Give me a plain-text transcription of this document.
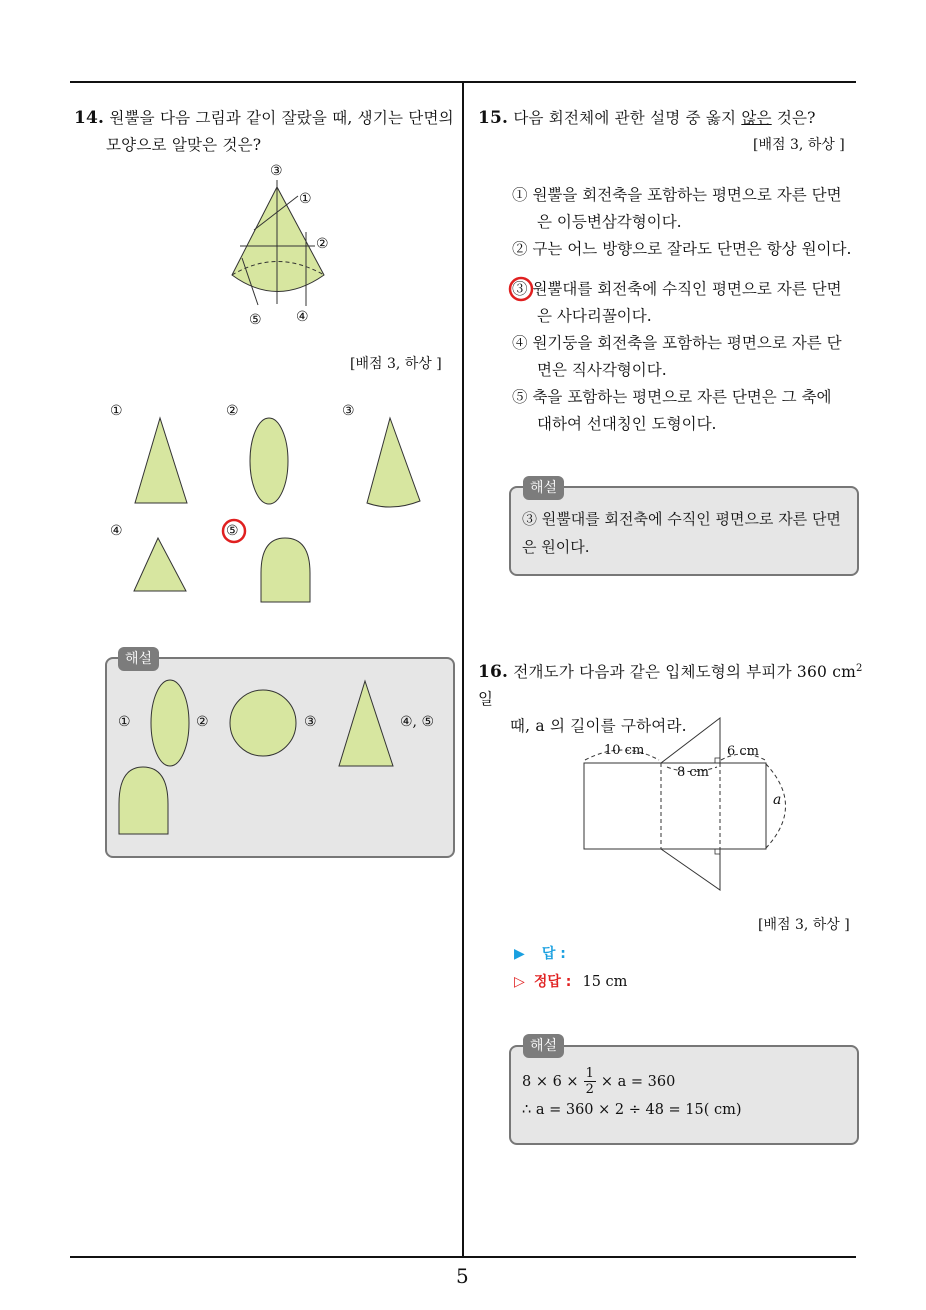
5
14. 원뿔을 다음 그림과 같이 잘랐을 때, 생기는 단면의
모양으로 알맞은 것은?
③
①
②
⑤ ④
[배점 3, 하상 ]
①	②	③
④	⑤
해설
①	②	③	④, ⑤
15. 다음 회전체에 관한 설명 중 옳지 않은 것은?
[배점 3, 하상 ]
① 원뿔을 회전축을 포함하는 평면으로 자른 단면
은 이등변삼각형이다.
② 구는 어느 방향으로 잘라도 단면은 항상 원이다.
③ 원뿔대를 회전축에 수직인 평면으로 자른 단면
은 사다리꼴이다.
④ 원기둥을 회전축을 포함하는 평면으로 자른 단
면은 직사각형이다.
⑤ 축을 포함하는 평면으로 자른 단면은 그 축에
대하여 선대칭인 도형이다.
해설
③ 원뿔대를 회전축에 수직인 평면으로 자른 단면
은 원이다.
16. 전개도가 다음과 같은 입체도형의 부피가 360 $cm^2$ 일
때, a 의 길이를 구하여라.
10 cm	6 cm
8 cm
a
[배점 3, 하상 ]
▶ 답 :
▷ 정답 : 15 cm
해설
$8 \times 6 \times \frac{1}{2} \times a = 360$
∴ a = 360 × 2 ÷ 48 = 15( cm)
